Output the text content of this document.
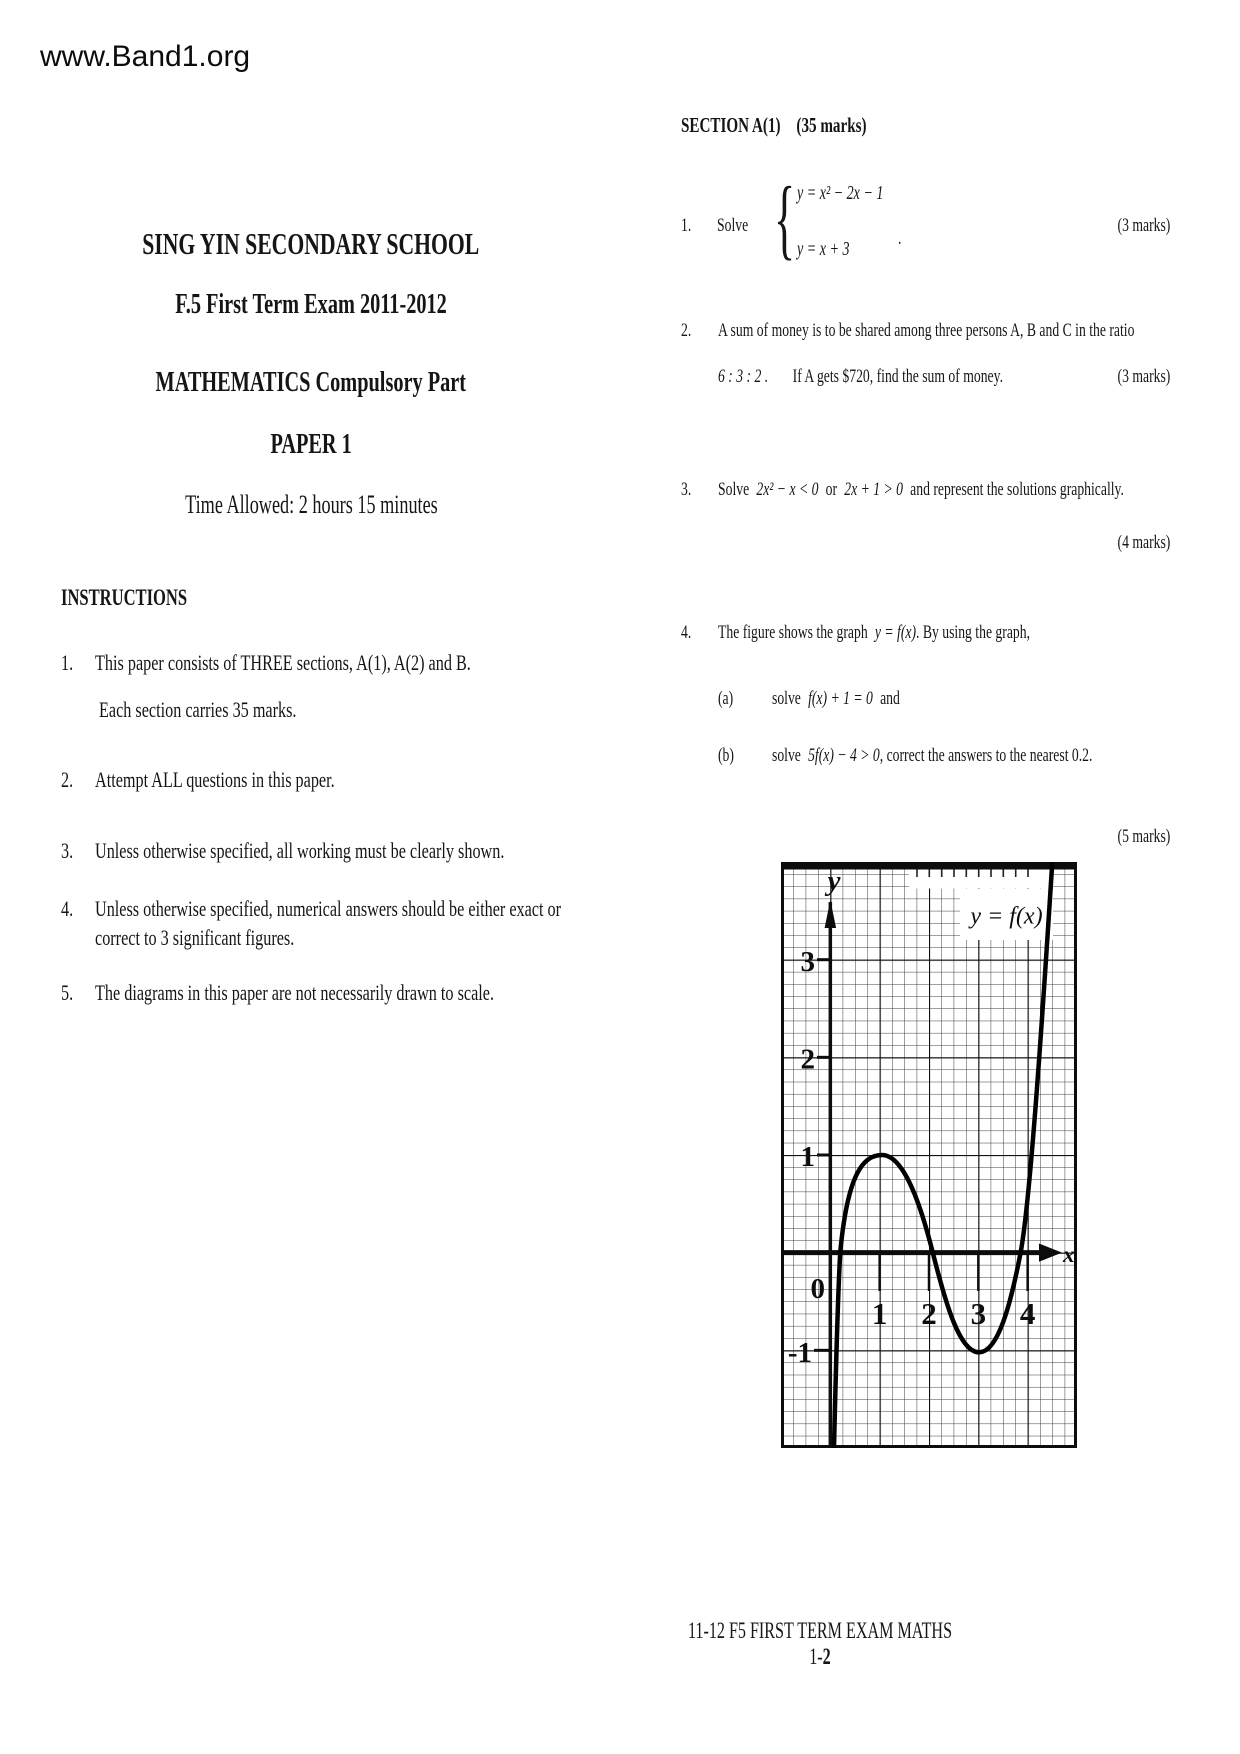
www.Band1.org
SING YIN SECONDARY SCHOOL
F.5 First Term Exam 2011-2012
MATHEMATICS Compulsory Part
PAPER 1
Time Allowed: 2 hours 15 minutes
INSTRUCTIONS
1. This paper consists of THREE sections, A(1), A(2) and B.
Each section carries 35 marks.
2. Attempt ALL questions in this paper.
3. Unless otherwise specified, all working must be clearly shown.
4. Unless otherwise specified, numerical answers should be either exact or
correct to 3 significant figures.
5. The diagrams in this paper are not necessarily drawn to scale.
SECTION A(1) (35 marks)
1. Solve { y = x² − 2x − 1
y = x + 3
.
(3 marks)
2. A sum of money is to be shared among three persons A, B and C in the ratio
6 : 3 : 2 . If A gets $720, find the sum of money.	(3 marks)
3. Solve 2x² − x < 0 or 2x + 1 > 0 and represent the solutions graphically.
(4 marks)
4. The figure shows the graph y = f(x). By using the graph,
(a)	solve f(x) + 1 = 0 and
(b)	solve 5f(x) − 4 > 0, correct the answers to the nearest 0.2.
(5 marks)
y = f(x)
y
x
1 2 3 4
3
2
1
0
-1
11-12 F5 FIRST TERM EXAM MATHS 1-2
